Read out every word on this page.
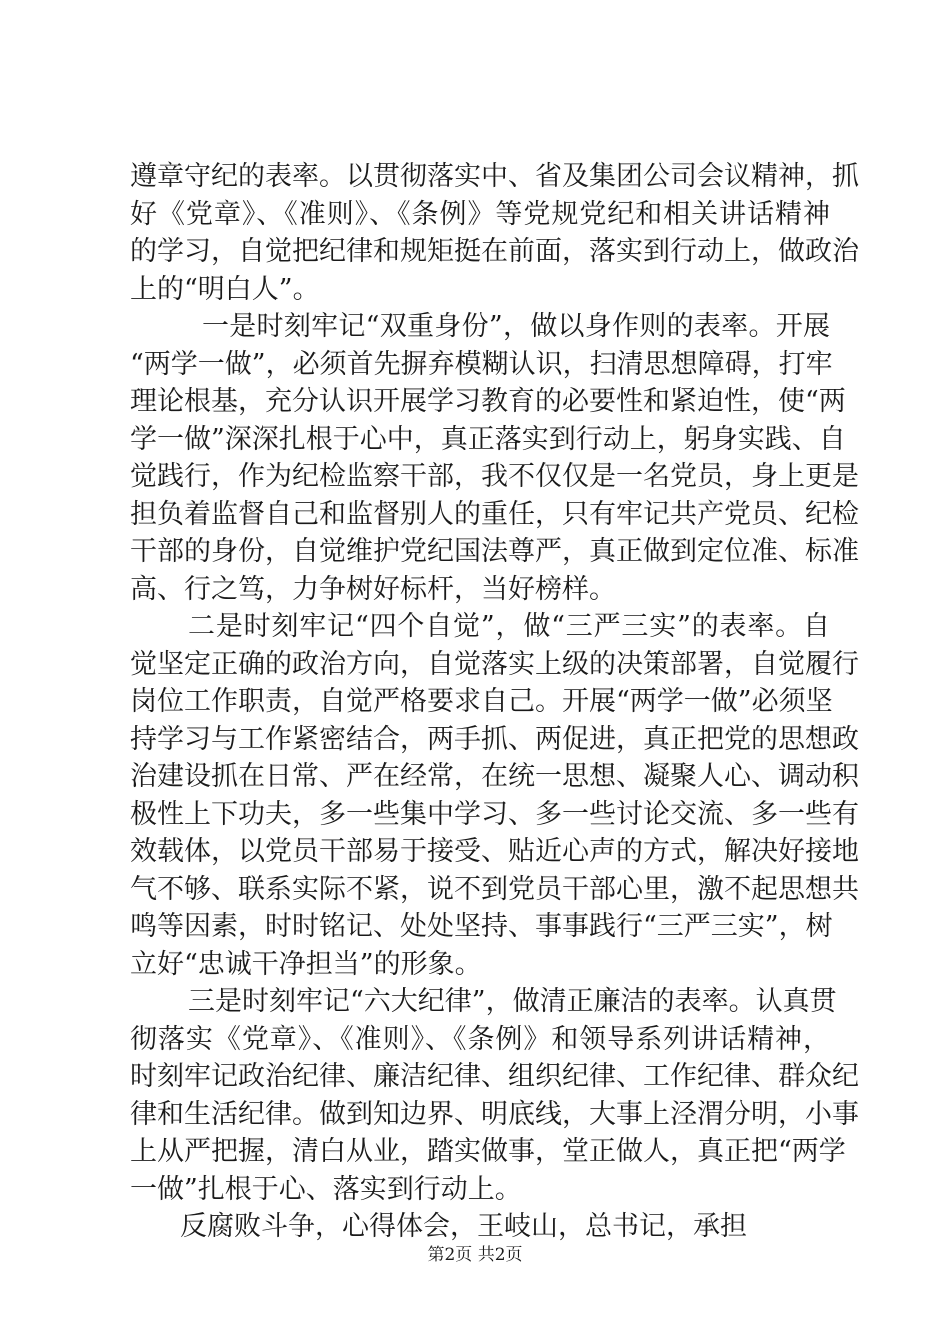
遵章守纪的表率。以贯彻落实中、省及集团公司会议精神，抓
好《党章》、《准则》、《条例》等党规党纪和相关讲话精神
的学习，自觉把纪律和规矩挺在前面，落实到行动上，做政治
上的“明白人”。
一是时刻牢记“双重身份”，做以身作则的表率。开展
“两学一做”，必须首先摒弃模糊认识，扫清思想障碍，打牢
理论根基，充分认识开展学习教育的必要性和紧迫性，使“两
学一做”深深扎根于心中，真正落实到行动上，躬身实践、自
觉践行，作为纪检监察干部，我不仅仅是一名党员，身上更是
担负着监督自己和监督别人的重任，只有牢记共产党员、纪检
干部的身份，自觉维护党纪国法尊严，真正做到定位准、标准
高、行之笃，力争树好标杆，当好榜样。
二是时刻牢记“四个自觉”，做“三严三实”的表率。自
觉坚定正确的政治方向，自觉落实上级的决策部署，自觉履行
岗位工作职责，自觉严格要求自己。开展“两学一做”必须坚
持学习与工作紧密结合，两手抓、两促进，真正把党的思想政
治建设抓在日常、严在经常，在统一思想、凝聚人心、调动积
极性上下功夫，多一些集中学习、多一些讨论交流、多一些有
效载体，以党员干部易于接受、贴近心声的方式，解决好接地
气不够、联系实际不紧，说不到党员干部心里，激不起思想共
鸣等因素，时时铭记、处处坚持、事事践行“三严三实”，树
立好“忠诚干净担当”的形象。
三是时刻牢记“六大纪律”，做清正廉洁的表率。认真贯
彻落实《党章》、《准则》、《条例》和领导系列讲话精神，
时刻牢记政治纪律、廉洁纪律、组织纪律、工作纪律、群众纪
律和生活纪律。做到知边界、明底线，大事上泾渭分明，小事
上从严把握，清白从业，踏实做事，堂正做人，真正把“两学
一做”扎根于心、落实到行动上。
反腐败斗争，心得体会，王岐山，总书记，承担
第2页 共2页
